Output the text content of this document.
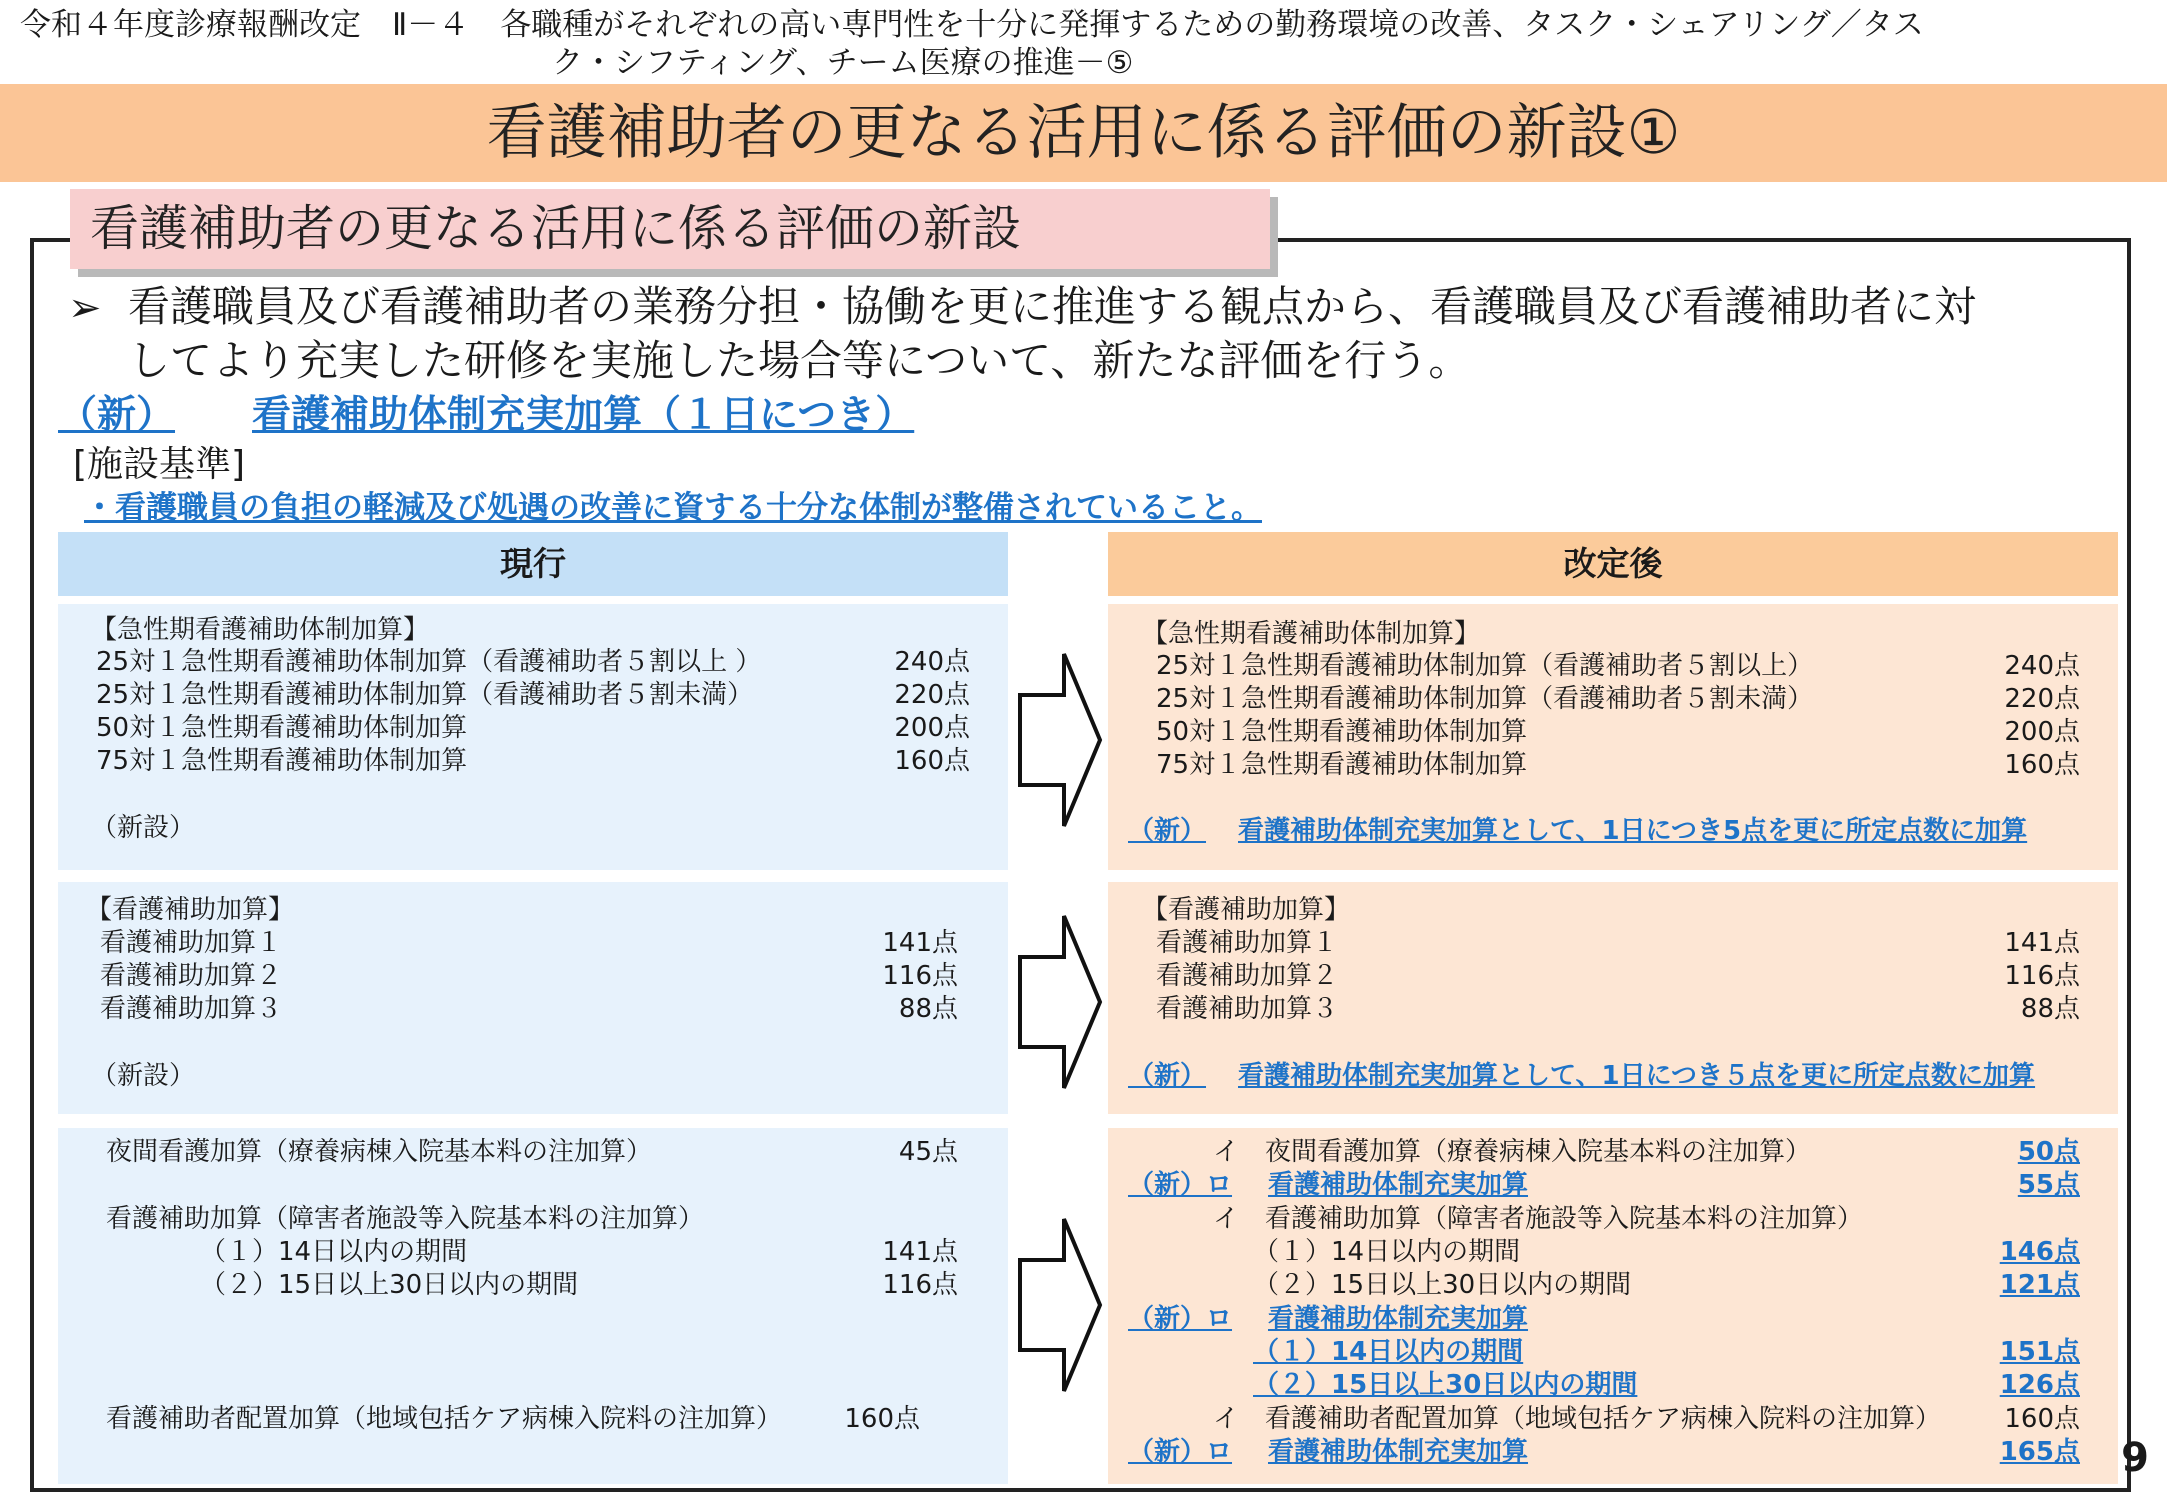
令和４年度診療報酬改定　Ⅱ－４　各職種がそれぞれの高い専門性を十分に発揮するための勤務環境の改善、タスク・シェアリング／タス
ク・シフティング、チーム医療の推進－⑤
看護補助者の更なる活用に係る評価の新設①
看護補助者の更なる活用に係る評価の新設
➢ 看護職員及び看護補助者の業務分担・協働を更に推進する観点から、看護職員及び看護補助者に対
してより充実した研修を実施した場合等について、新たな評価を行う。
（新） 看護補助体制充実加算（１日につき）
[施設基準]
・看護職員の負担の軽減及び処遇の改善に資する十分な体制が整備されていること。
現行	改定後
【急性期看護補助体制加算】
25対１急性期看護補助体制加算（看護補助者５割以上 ）	240点
25対１急性期看護補助体制加算（看護補助者５割未満）	220点
50対１急性期看護補助体制加算	200点
75対１急性期看護補助体制加算	160点
（新設）
【看護補助加算】
看護補助加算１	141点
看護補助加算２	116点
看護補助加算３	88点
（新設）
夜間看護加算（療養病棟入院基本料の注加算）	45点
看護補助加算（障害者施設等入院基本料の注加算）
（１）14日以内の期間	141点
（２）15日以上30日以内の期間	116点
看護補助者配置加算（地域包括ケア病棟入院料の注加算）	160点
【急性期看護補助体制加算】
25対１急性期看護補助体制加算（看護補助者５割以上）	240点
25対１急性期看護補助体制加算（看護補助者５割未満）	220点
50対１急性期看護補助体制加算	200点
75対１急性期看護補助体制加算	160点
（新） 看護補助体制充実加算として、1日につき5点を更に所定点数に加算
【看護補助加算】
看護補助加算１	141点
看護補助加算２	116点
看護補助加算３	88点
（新） 看護補助体制充実加算として、1日につき５点を更に所定点数に加算
イ　夜間看護加算（療養病棟入院基本料の注加算）	50点
（新）ロ 看護補助体制充実加算	55点
イ　看護補助加算（障害者施設等入院基本料の注加算）
（１）14日以内の期間	146点
（２）15日以上30日以内の期間	121点
（新）ロ 看護補助体制充実加算
（１）14日以内の期間	151点
（２）15日以上30日以内の期間	126点
イ　看護補助者配置加算（地域包括ケア病棟入院料の注加算）	160点
（新）ロ 看護補助体制充実加算	165点 9
